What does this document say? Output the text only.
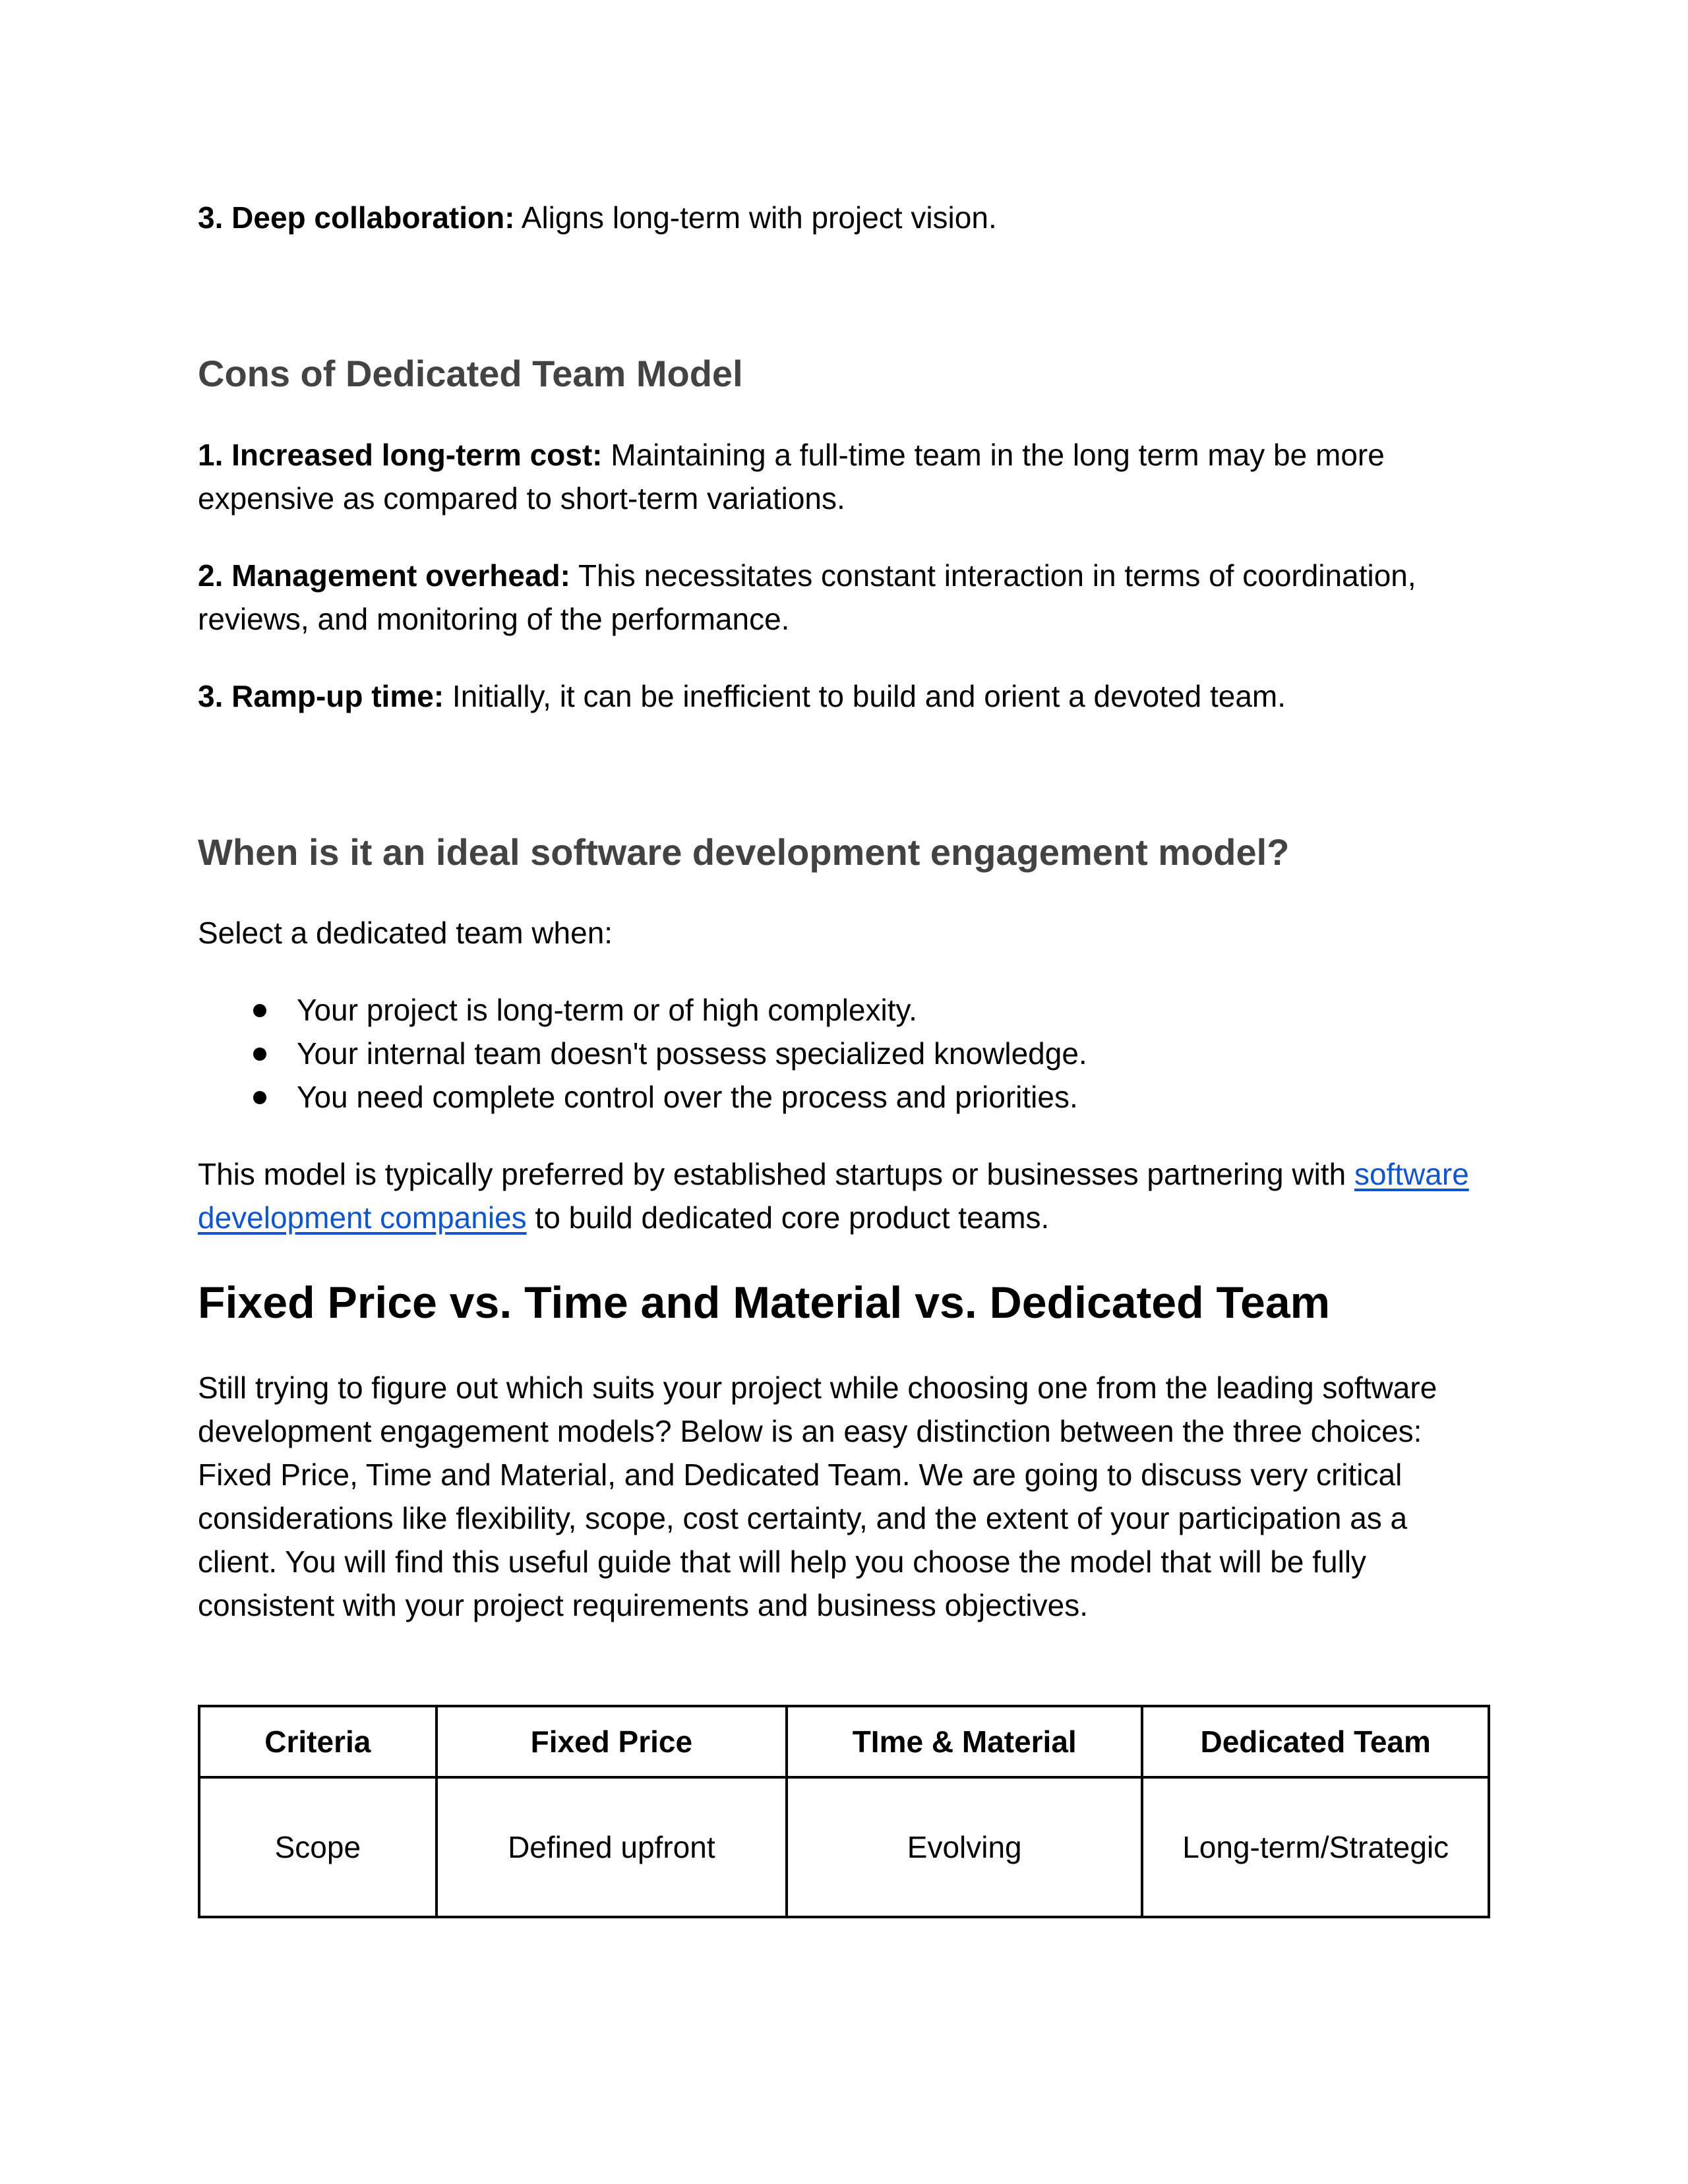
3. Deep collaboration: Aligns long-term with project vision.

Cons of Dedicated Team Model

1. Increased long-term cost: Maintaining a full-time team in the long term may be more expensive as compared to short-term variations.

2. Management overhead: This necessitates constant interaction in terms of coordination, reviews, and monitoring of the performance.

3. Ramp-up time: Initially, it can be inefficient to build and orient a devoted team.

When is it an ideal software development engagement model?

Select a dedicated team when:

Your project is long-term or of high complexity.
Your internal team doesn't possess specialized knowledge.
You need complete control over the process and priorities.

This model is typically preferred by established startups or businesses partnering with software development companies to build dedicated core product teams.

Fixed Price vs. Time and Material vs. Dedicated Team

Still trying to figure out which suits your project while choosing one from the leading software development engagement models? Below is an easy distinction between the three choices: Fixed Price, Time and Material, and Dedicated Team. We are going to discuss very critical considerations like flexibility, scope, cost certainty, and the extent of your participation as a client. You will find this useful guide that will help you choose the model that will be fully consistent with your project requirements and business objectives.

Criteria	Fixed Price	TIme & Material	Dedicated Team
Scope	Defined upfront	Evolving	Long-term/Strategic
